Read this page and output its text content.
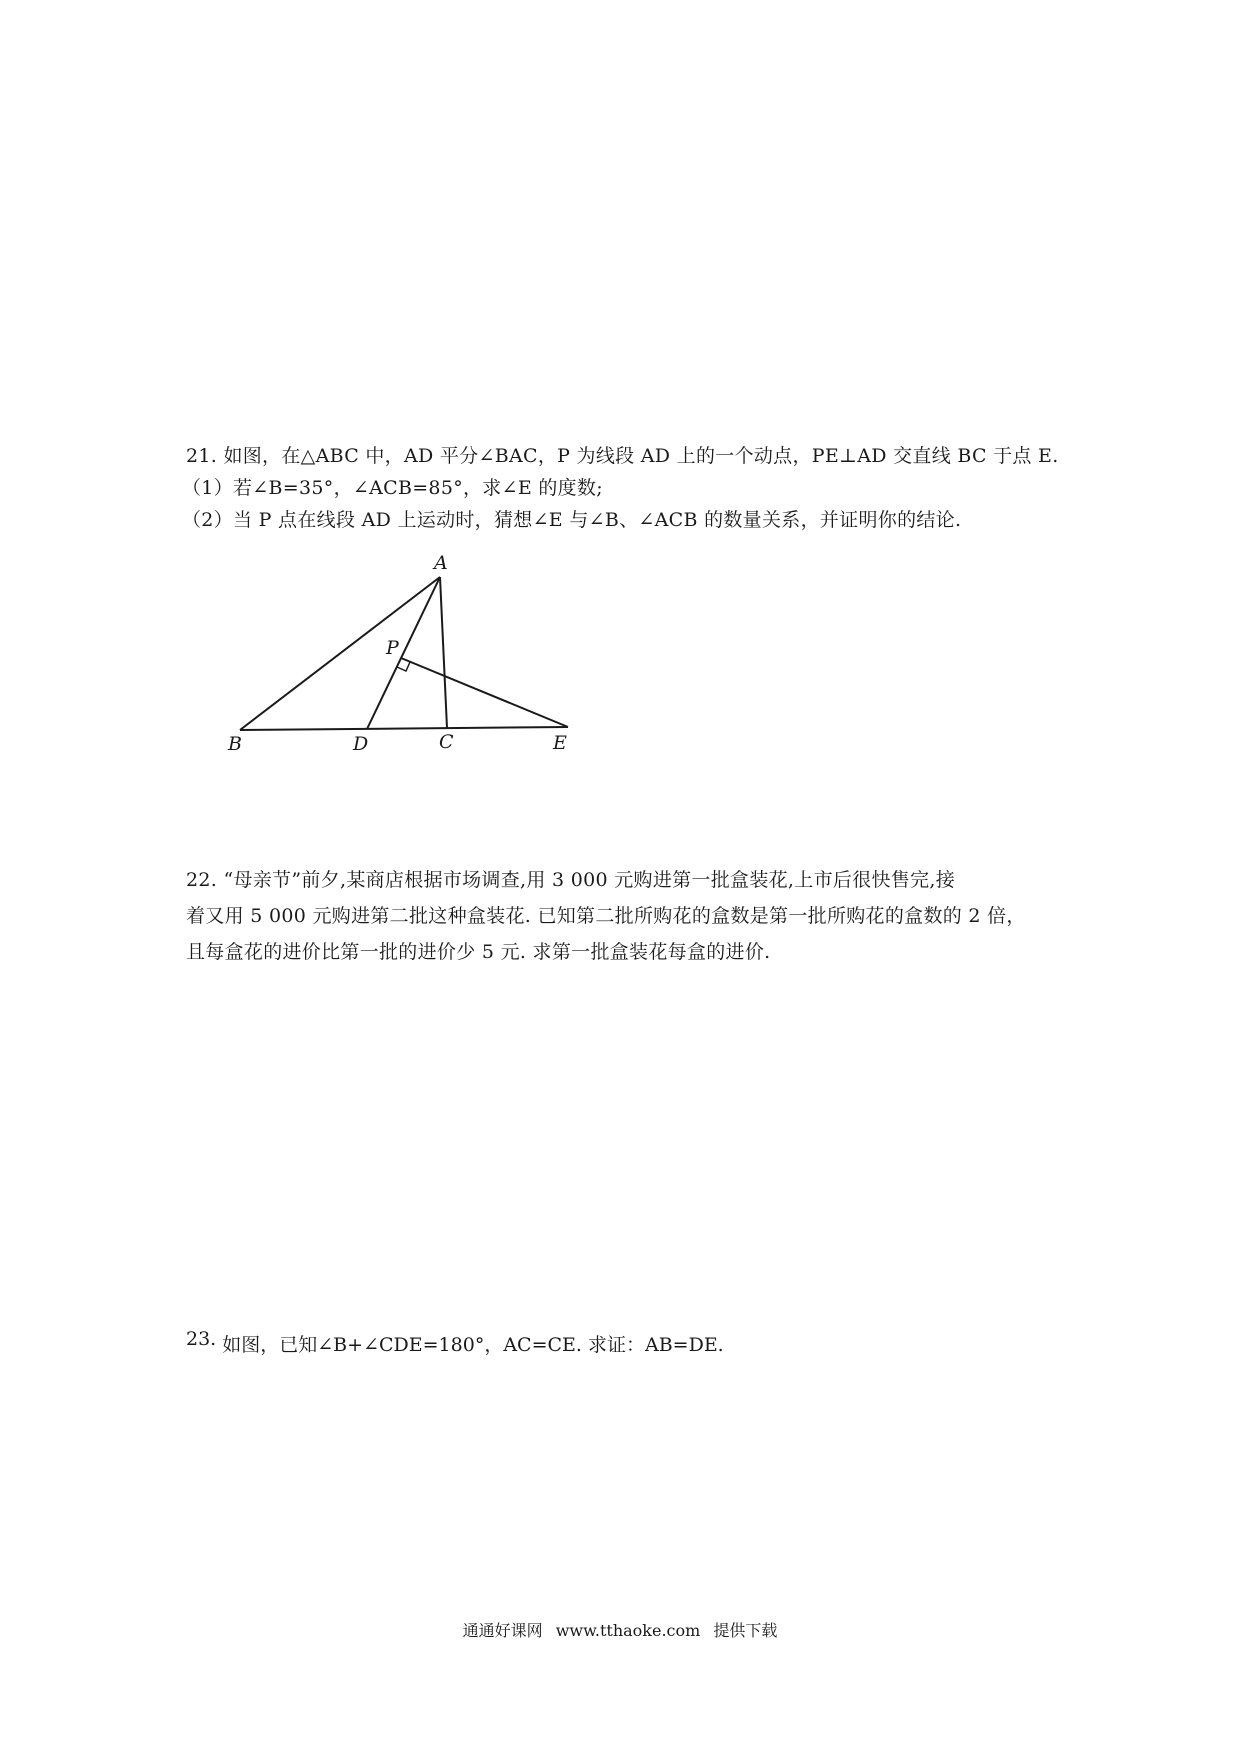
21. 如图，在△ABC 中，AD 平分∠BAC，P 为线段 AD 上的一个动点，PE⊥AD 交直线 BC 于点 E.
（1）若∠B=35°，∠ACB=85°，求∠E 的度数;
（2）当 P 点在线段 AD 上运动时，猜想∠E 与∠B、∠ACB 的数量关系，并证明你的结论.
A
P
B	D	C	E

22. “母亲节”前夕,某商店根据市场调查,用 3 000 元购进第一批盒装花,上市后很快售完,接

着又用 5 000 元购进第二批这种盒装花. 已知第二批所购花的盒数是第一批所购花的盒数的 2 倍，

且每盒花的进价比第一批的进价少 5 元. 求第一批盒装花每盒的进价.

23. 如图，已知∠B+∠CDE=180°，AC=CE. 求证：AB=DE.
通通好课网 www.tthaoke.com 提供下载
